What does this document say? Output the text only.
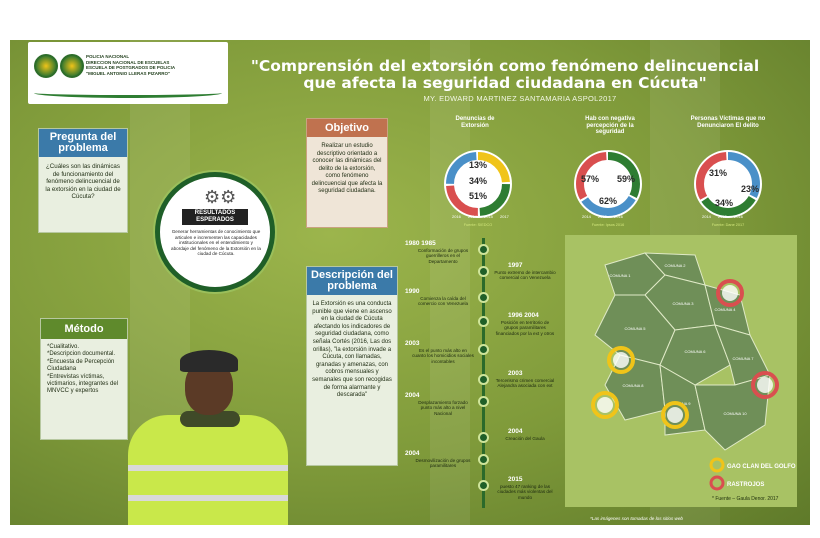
POLICIA NACIONAL
DIRECCION NACIONAL DE ESCUELAS
ESCUELA DE POSTGRADOS DE POLICIA
"MIGUEL ANTONIO LLERAS PIZARRO"	"Comprensión del extorsión como fenómeno delincuencial que afecta la seguridad ciudadana en Cúcuta"
MY. EDWARD MARTINEZ SANTAMARIA ASPOL2017
Pregunta del problema
¿Cuáles son las dinámicas de funcionamiento del fenómeno delincuencial de la extorsión en la ciudad de Cúcuta?	⚙⚙
RESULTADOS
ESPERADOS
Generar herramientas de conocimiento que articulen e incrementen las capacidades institucionales en el entendimiento y abordaje del fenómeno de la Extorsión en la ciudad de Cúcuta.
Objetivo
Realizar un estudio descriptivo orientado a conocer las dinámicas del delito de la extorsión, como fenómeno delincuencial que afecta la seguridad ciudadana.
Descripción del problema
La Extorsión es una conducta punible que viene en ascenso en la ciudad de Cúcuta afectando los indicadores de seguridad ciudadana, como señala Cortés (2016, Las dos orillas), "la extorsión invade a Cúcuta, con llamadas, granadas y amenazas, con cobros mensuales y semanales que son recogidas de forma alarmante y descarada"
Método
*Cualitativo.
*Descripcion documental.
*Encuesta de Percepción Ciudadana
*Entrevistas víctimas, victimarios, integrantes del MNVCC y expertos
Denuncias de Extorsión
13%
34%
51%
2016 2014 2015 2017
Fuente: SIEDCO
Hab con negativa percepción de la seguridad
57% 59%
62%
2014 2015 2016
Fuente: Ipsos 2016
Personas Víctimas que no Denunciaron El delito
31%
23%
34%
2014 2015 2016
Fuente: Dane 2017
1980 1985
Conformación de grupos guerrilleros en el Departamento
1997
Punto extremo de intercambio comercial con Venezuela
1990
Comienza la caída del comercio con Venezuela
1996 2004
Posición en territorio de grupos paramilitares financiados por la ext y otros
2003
Es el punto más alto en cuanto los homicidios sociales incontables
2003
Tercerismo crimen comercial Alejandra asociada con ext
2004
Desplazamiento forzado punto más alto a nivel Nacional
2004
Creación del Gaula
2004
Desmovilización de grupos paramilitares
2015
puesto 47 ranking de las ciudades más violentas del mundo
COMUNA 1
COMUNA 2
COMUNA 3
COMUNA 4
COMUNA 5
COMUNA 6
COMUNA 7
COMUNA 8
COMUNA 9
COMUNA 10
GAO CLAN DEL GOLFO
RASTROJOS
* Fuente – Gaula Denor. 2017
*Las imágenes son tomadas de los sitios web
